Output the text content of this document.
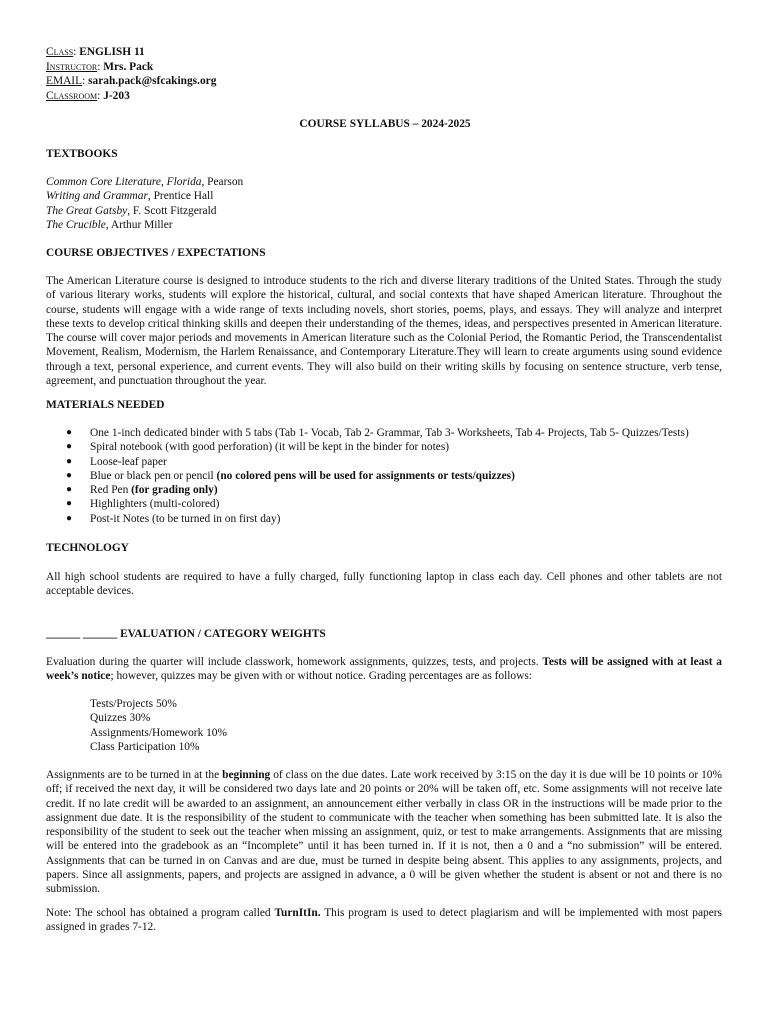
Class: ENGLISH 11
Instructor: Mrs. Pack
EMAIL: sarah.pack@sfcakings.org
Classroom: J-203
COURSE SYLLABUS – 2024-2025
TEXTBOOKS
Common Core Literature, Florida, Pearson
Writing and Grammar, Prentice Hall
The Great Gatsby, F. Scott Fitzgerald
The Crucible, Arthur Miller
COURSE OBJECTIVES / EXPECTATIONS
The American Literature course is designed to introduce students to the rich and diverse literary traditions of the United States. Through the study of various literary works, students will explore the historical, cultural, and social contexts that have shaped American literature. Throughout the course, students will engage with a wide range of texts including novels, short stories, poems, plays, and essays. They will analyze and interpret these texts to develop critical thinking skills and deepen their understanding of the themes, ideas, and perspectives presented in American literature. The course will cover major periods and movements in American literature such as the Colonial Period, the Romantic Period, the Transcendentalist Movement, Realism, Modernism, the Harlem Renaissance, and Contemporary Literature.They will learn to create arguments using sound evidence through a text, personal experience, and current events. They will also build on their writing skills by focusing on sentence structure, verb tense, agreement, and punctuation throughout the year.
MATERIALS NEEDED
● One 1-inch dedicated binder with 5 tabs (Tab 1- Vocab, Tab 2- Grammar, Tab 3- Worksheets, Tab 4- Projects, Tab 5- Quizzes/Tests)
● Spiral notebook (with good perforation) (it will be kept in the binder for notes)
● Loose-leaf paper
● Blue or black pen or pencil (no colored pens will be used for assignments or tests/quizzes)
● Red Pen (for grading only)
● Highlighters (multi-colored)
● Post-it Notes (to be turned in on first day)
TECHNOLOGY
All high school students are required to have a fully charged, fully functioning laptop in class each day. Cell phones and other tablets are not acceptable devices.
______ ______ EVALUATION / CATEGORY WEIGHTS
Evaluation during the quarter will include classwork, homework assignments, quizzes, tests, and projects. Tests will be assigned with at least a week’s notice; however, quizzes may be given with or without notice. Grading percentages are as follows:
Tests/Projects 50%
Quizzes 30%
Assignments/Homework 10%
Class Participation 10%
Assignments are to be turned in at the beginning of class on the due dates. Late work received by 3:15 on the day it is due will be 10 points or 10% off; if received the next day, it will be considered two days late and 20 points or 20% will be taken off, etc. Some assignments will not receive late credit. If no late credit will be awarded to an assignment, an announcement either verbally in class OR in the instructions will be made prior to the assignment due date. It is the responsibility of the student to communicate with the teacher when something has been submitted late. It is also the responsibility of the student to seek out the teacher when missing an assignment, quiz, or test to make arrangements. Assignments that are missing will be entered into the gradebook as an “Incomplete” until it has been turned in. If it is not, then a 0 and a “no submission” will be entered. Assignments that can be turned in on Canvas and are due, must be turned in despite being absent. This applies to any assignments, projects, and papers. Since all assignments, papers, and projects are assigned in advance, a 0 will be given whether the student is absent or not and there is no submission.
Note: The school has obtained a program called TurnItIn. This program is used to detect plagiarism and will be implemented with most papers assigned in grades 7-12.
